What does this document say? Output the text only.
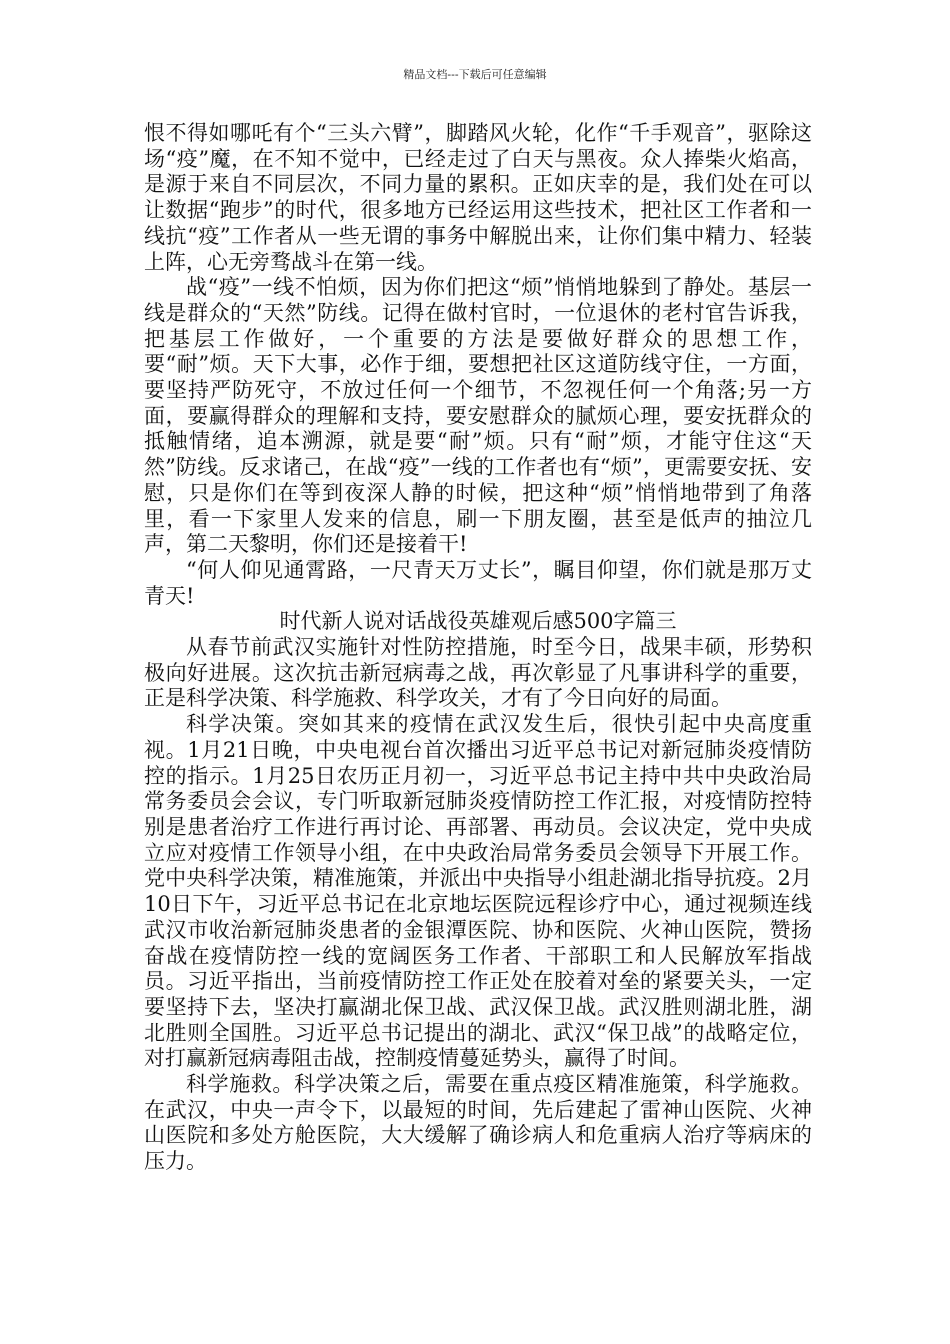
精品文档---下载后可任意编辑

恨不得如哪吒有个“三头六臂”，脚踏风火轮，化作“千手观音”，驱除这场“疫”魔，在不知不觉中，已经走过了白天与黑夜。众人捧柴火焰高，是源于来自不同层次，不同力量的累积。正如庆幸的是，我们处在可以让数据“跑步”的时代，很多地方已经运用这些技术，把社区工作者和一线抗“疫”工作者从一些无谓的事务中解脱出来，让你们集中精力、轻装上阵，心无旁骛战斗在第一线。

战“疫”一线不怕烦，因为你们把这“烦”悄悄地躲到了静处。基层一线是群众的“天然”防线。记得在做村官时，一位退休的老村官告诉我，把基层工作做好，一个重要的方法是要做好群众的思想工作，要“耐”烦。天下大事，必作于细，要想把社区这道防线守住，一方面，要坚持严防死守，不放过任何一个细节，不忽视任何一个角落;另一方面，要赢得群众的理解和支持，要安慰群众的腻烦心理，要安抚群众的抵触情绪，追本溯源，就是要“耐”烦。只有“耐”烦，才能守住这“天然”防线。反求诸己，在战“疫”一线的工作者也有“烦”，更需要安抚、安慰，只是你们在等到夜深人静的时候，把这种“烦”悄悄地带到了角落里，看一下家里人发来的信息，刷一下朋友圈，甚至是低声的抽泣几声，第二天黎明，你们还是接着干!

“何人仰见通霄路，一尺青天万丈长”，瞩目仰望，你们就是那万丈青天!

时代新人说对话战役英雄观后感500字篇三

从春节前武汉实施针对性防控措施，时至今日，战果丰硕，形势积极向好进展。这次抗击新冠病毒之战，再次彰显了凡事讲科学的重要，正是科学决策、科学施救、科学攻关，才有了今日向好的局面。

科学决策。突如其来的疫情在武汉发生后，很快引起中央高度重视。1月21日晚，中央电视台首次播出习近平总书记对新冠肺炎疫情防控的指示。1月25日农历正月初一，习近平总书记主持中共中央政治局常务委员会会议，专门听取新冠肺炎疫情防控工作汇报，对疫情防控特别是患者治疗工作进行再讨论、再部署、再动员。会议决定，党中央成立应对疫情工作领导小组，在中央政治局常务委员会领导下开展工作。党中央科学决策，精准施策，并派出中央指导小组赴湖北指导抗疫。2月10日下午，习近平总书记在北京地坛医院远程诊疗中心，通过视频连线武汉市收治新冠肺炎患者的金银潭医院、协和医院、火神山医院，赞扬奋战在疫情防控一线的宽阔医务工作者、干部职工和人民解放军指战员。习近平指出，当前疫情防控工作正处在胶着对垒的紧要关头，一定要坚持下去，坚决打赢湖北保卫战、武汉保卫战。武汉胜则湖北胜，湖北胜则全国胜。习近平总书记提出的湖北、武汉“保卫战”的战略定位，对打赢新冠病毒阻击战，控制疫情蔓延势头，赢得了时间。

科学施救。科学决策之后，需要在重点疫区精准施策，科学施救。在武汉，中央一声令下，以最短的时间，先后建起了雷神山医院、火神山医院和多处方舱医院，大大缓解了确诊病人和危重病人治疗等病床的压力。
